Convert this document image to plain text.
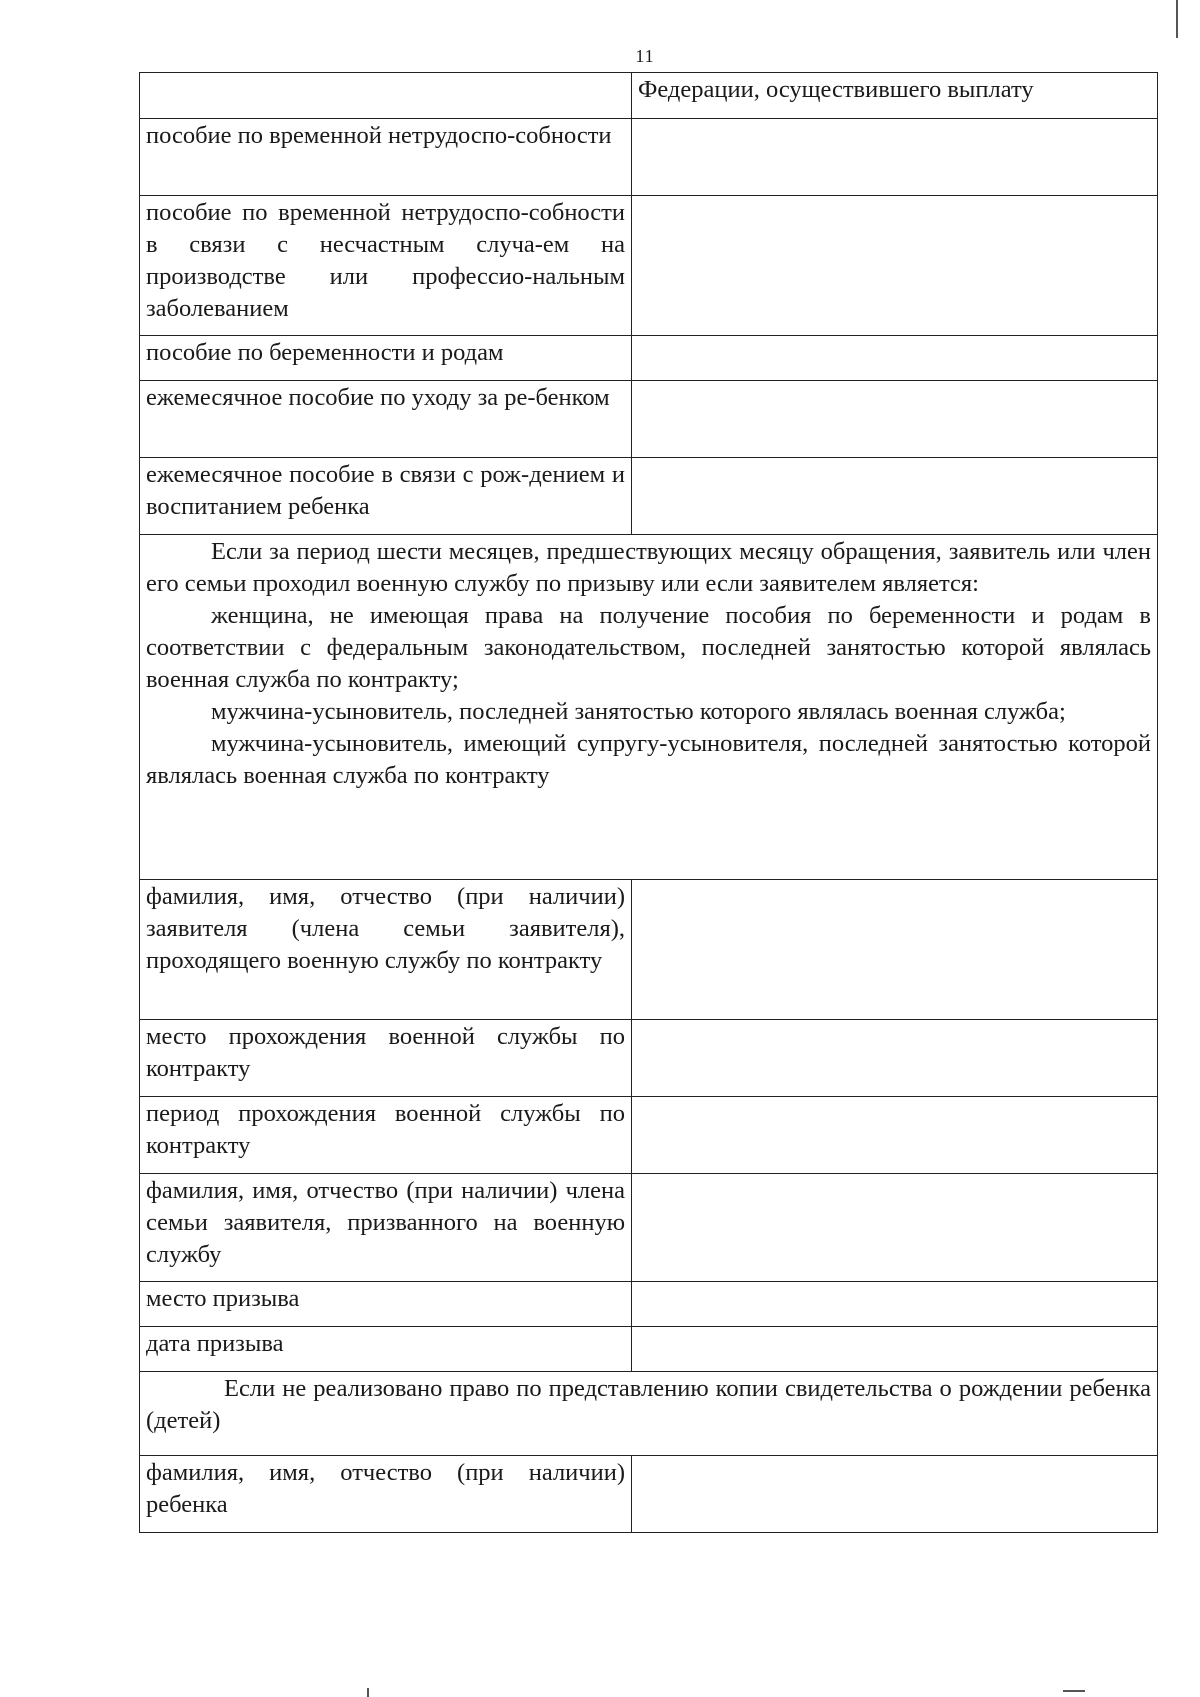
11
	Федерации, осуществившего выплату
пособие по временной нетрудоспо-собности	
пособие по временной нетрудоспо-собности в связи с несчастным случа-ем на производстве или профессио-нальным заболеванием	
пособие по беременности и родам	
ежемесячное пособие по уходу за ре-бенком	
ежемесячное пособие в связи с рож-дением и воспитанием ребенка	

Если за период шести месяцев, предшествующих месяцу обращения, заявитель или член его семьи проходил военную службу по призыву или если заявителем является:

женщина, не имеющая права на получение пособия по беременности и родам в соответствии с федеральным законодательством, последней занятостью которой являлась военная служба по контракту;

мужчина-усыновитель, последней занятостью которого являлась военная служба;

мужчина-усыновитель, имеющий супругу-усыновителя, последней занятостью которой являлась военная служба по контракту	

фамилия, имя, отчество (при наличии) заявителя (члена семьи заявителя), проходящего военную службу по контракту	
место прохождения военной службы по контракту	
период прохождения военной службы по контракту	
фамилия, имя, отчество (при наличии) члена семьи заявителя, призванного на военную службу	
место призыва	
дата призыва	

Если не реализовано право по представлению копии свидетельства о рождении ребенка (детей)	

фамилия, имя, отчество (при наличии) ребенка	
